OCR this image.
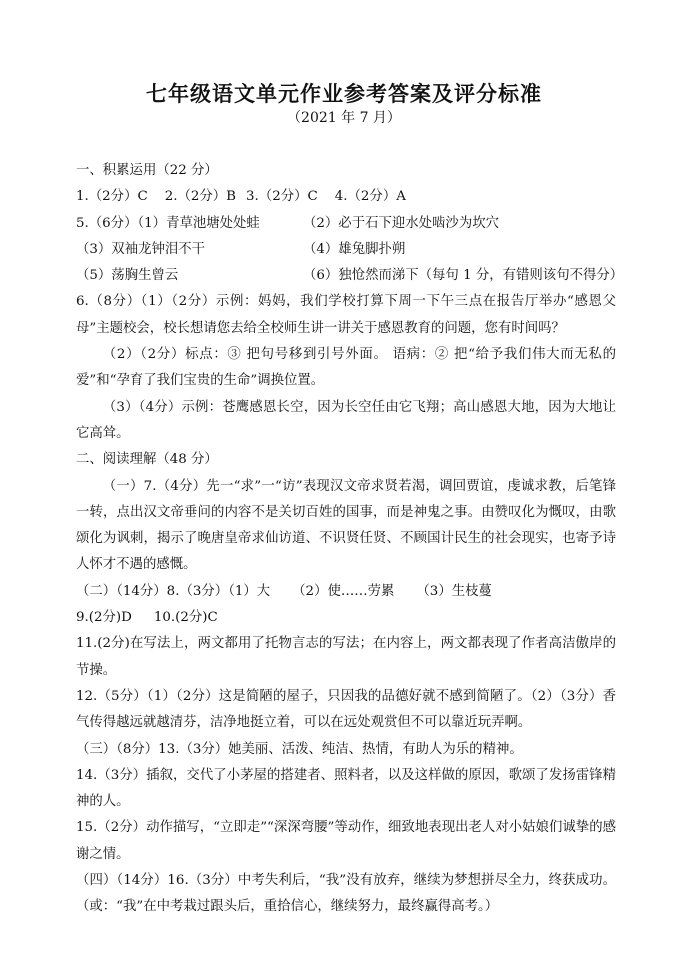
七年级语文单元作业参考答案及评分标准
（2021 年 7 月）
一、积累运用（22 分）
1.（2分）C 2.（2分）B 3.（2分）C 4.（2分）A
5.（6分）（1）青草池塘处处蛙	（2）必于石下迎水处啮沙为坎穴
（3）双袖龙钟泪不干	（4）雄兔脚扑朔
（5）荡胸生曾云	（6）独怆然而涕下（每句 1 分，有错则该句不得分）
6.（8分）（1）（2分）示例：妈妈，我们学校打算下周一下午三点在报告厅举办“感恩父母”主题校会，校长想请您去给全校师生讲一讲关于感恩教育的问题，您有时间吗？
（2）（2分）标点：③ 把句号移到引号外面。 语病：② 把“给予我们伟大而无私的爱”和“孕育了我们宝贵的生命”调换位置。
（3）（4分）示例：苍鹰感恩长空，因为长空任由它飞翔；高山感恩大地，因为大地让它高耸。
二、阅读理解（48 分）
（一）7.（4分）先一“求”一“访”表现汉文帝求贤若渴，调回贾谊，虔诚求教，后笔锋一转，点出汉文帝垂问的内容不是关切百姓的国事，而是神鬼之事。由赞叹化为慨叹，由歌颂化为讽刺，揭示了晚唐皇帝求仙访道、不识贤任贤、不顾国计民生的社会现实，也寄予诗人怀才不遇的感慨。
（二）（14分）8.（3分）（1）大 （2）使……劳累 （3）生枝蔓
9.(2分)D 10.(2分)C
11.(2分)在写法上，两文都用了托物言志的写法；在内容上，两文都表现了作者高洁傲岸的节操。
12.（5分）（1）（2分）这是简陋的屋子，只因我的品德好就不感到简陋了。（2）（3分）香气传得越远就越清芬，洁净地挺立着，可以在远处观赏但不可以靠近玩弄啊。
（三）（8分）13.（3分）她美丽、活泼、纯洁、热情，有助人为乐的精神。
14.（3分）插叙，交代了小茅屋的搭建者、照料者，以及这样做的原因，歌颂了发扬雷锋精神的人。
15.（2分）动作描写，“立即走”“深深弯腰”等动作，细致地表现出老人对小姑娘们诚挚的感谢之情。
（四）（14分）16.（3分）中考失利后，“我”没有放弃，继续为梦想拼尽全力，终获成功。（或：“我”在中考栽过跟头后，重拾信心，继续努力，最终赢得高考。）
